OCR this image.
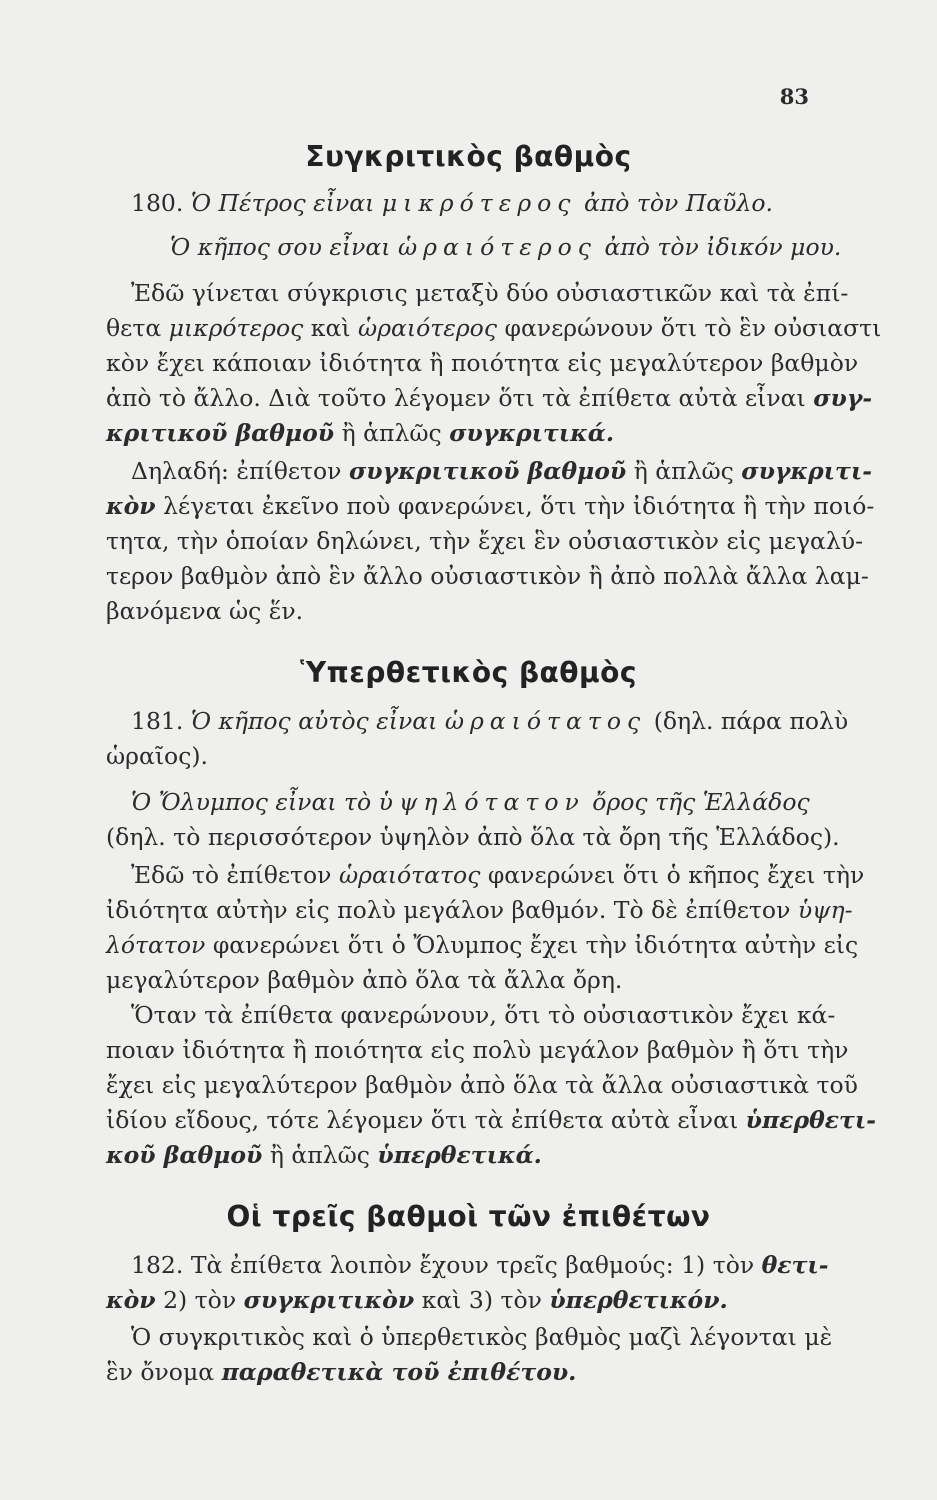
83
Συγκριτικὸς βαθμὸς
180. Ὁ Πέτρος εἶναι μικρότερος ἀπὸ τὸν Παῦλο.
Ὁ κῆπος σου εἶναι ὡραιότερος ἀπὸ τὸν ἰδικόν μου.
Ἐδῶ γίνεται σύγκρισις μεταξὺ δύο οὐσιαστικῶν καὶ τὰ ἐπί-
θετα μικρότερος καὶ ὡραιότερος φανερώνουν ὅτι τὸ ἓν οὐσιαστι
κὸν ἔχει κάποιαν ἰδιότητα ἢ ποιότητα εἰς μεγαλύτερον βαθμὸν
ἀπὸ τὸ ἄλλο. Διὰ τοῦτο λέγομεν ὅτι τὰ ἐπίθετα αὐτὰ εἶναι συγ-
κριτικοῦ βαθμοῦ ἢ ἁπλῶς συγκριτικά.
Δηλαδή: ἐπίθετον συγκριτικοῦ βαθμοῦ ἢ ἁπλῶς συγκριτι-
κὸν λέγεται ἐκεῖνο ποὺ φανερώνει, ὅτι τὴν ἰδιότητα ἢ τὴν ποιό-
τητα, τὴν ὁποίαν δηλώνει, τὴν ἔχει ἓν οὐσιαστικὸν εἰς μεγαλύ-
τερον βαθμὸν ἀπὸ ἓν ἄλλο οὐσιαστικὸν ἢ ἀπὸ πολλὰ ἄλλα λαμ-
βανόμενα ὡς ἕν.
Ὑπερθετικὸς βαθμὸς
181. Ὁ κῆπος αὐτὸς εἶναι ὡραιότατος (δηλ. πάρα πολὺ
ὡραῖος).
Ὁ Ὄλυμπος εἶναι τὸ ὑψηλότατον ὄρος τῆς Ἑλλάδος
(δηλ. τὸ περισσότερον ὑψηλὸν ἀπὸ ὅλα τὰ ὄρη τῆς Ἑλλάδος).
Ἐδῶ τὸ ἐπίθετον ὡραιότατος φανερώνει ὅτι ὁ κῆπος ἔχει τὴν
ἰδιότητα αὐτὴν εἰς πολὺ μεγάλον βαθμόν. Τὸ δὲ ἐπίθετον ὑψη-
λότατον φανερώνει ὅτι ὁ Ὄλυμπος ἔχει τὴν ἰδιότητα αὐτὴν εἰς
μεγαλύτερον βαθμὸν ἀπὸ ὅλα τὰ ἄλλα ὄρη.
Ὅταν τὰ ἐπίθετα φανερώνουν, ὅτι τὸ οὐσιαστικὸν ἔχει κά-
ποιαν ἰδιότητα ἢ ποιότητα εἰς πολὺ μεγάλον βαθμὸν ἢ ὅτι τὴν
ἔχει εἰς μεγαλύτερον βαθμὸν ἀπὸ ὅλα τὰ ἄλλα οὐσιαστικὰ τοῦ
ἰδίου εἴδους, τότε λέγομεν ὅτι τὰ ἐπίθετα αὐτὰ εἶναι ὑπερθετι-
κοῦ βαθμοῦ ἢ ἁπλῶς ὑπερθετικά.
Οἱ τρεῖς βαθμοὶ τῶν ἐπιθέτων
182. Τὰ ἐπίθετα λοιπὸν ἔχουν τρεῖς βαθμούς: 1) τὸν θετι-
κὸν 2) τὸν συγκριτικὸν καὶ 3) τὸν ὑπερθετικόν.
Ὁ συγκριτικὸς καὶ ὁ ὑπερθετικὸς βαθμὸς μαζὶ λέγονται μὲ
ἓν ὄνομα παραθετικὰ τοῦ ἐπιθέτου.
